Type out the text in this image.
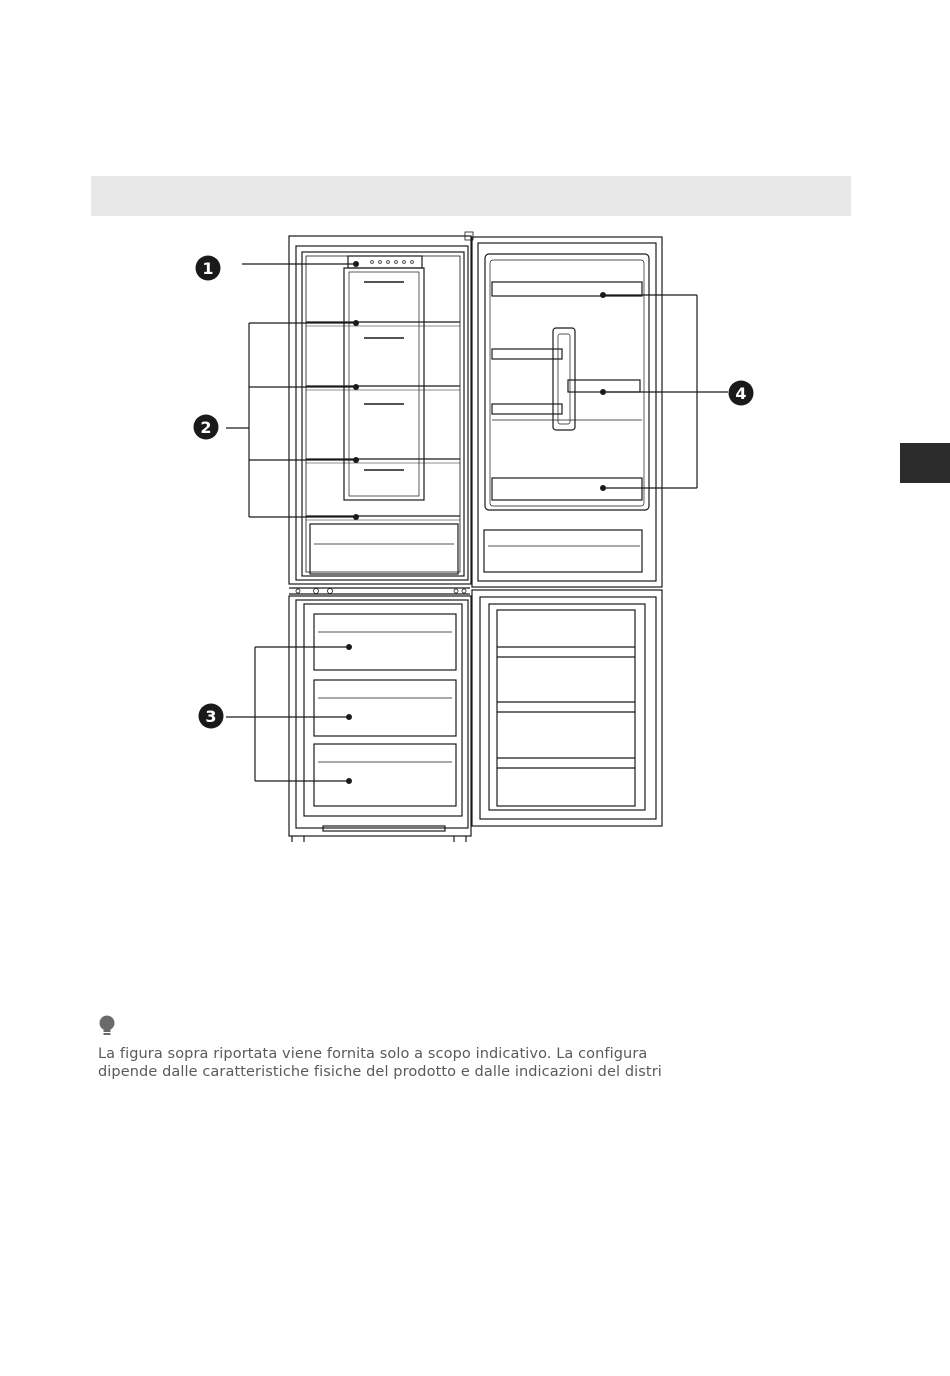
1
2
3
4

La figura sopra riportata viene fornita solo a scopo indicativo. La configura

dipende dalle caratteristiche fisiche del prodotto e dalle indicazioni del distri
